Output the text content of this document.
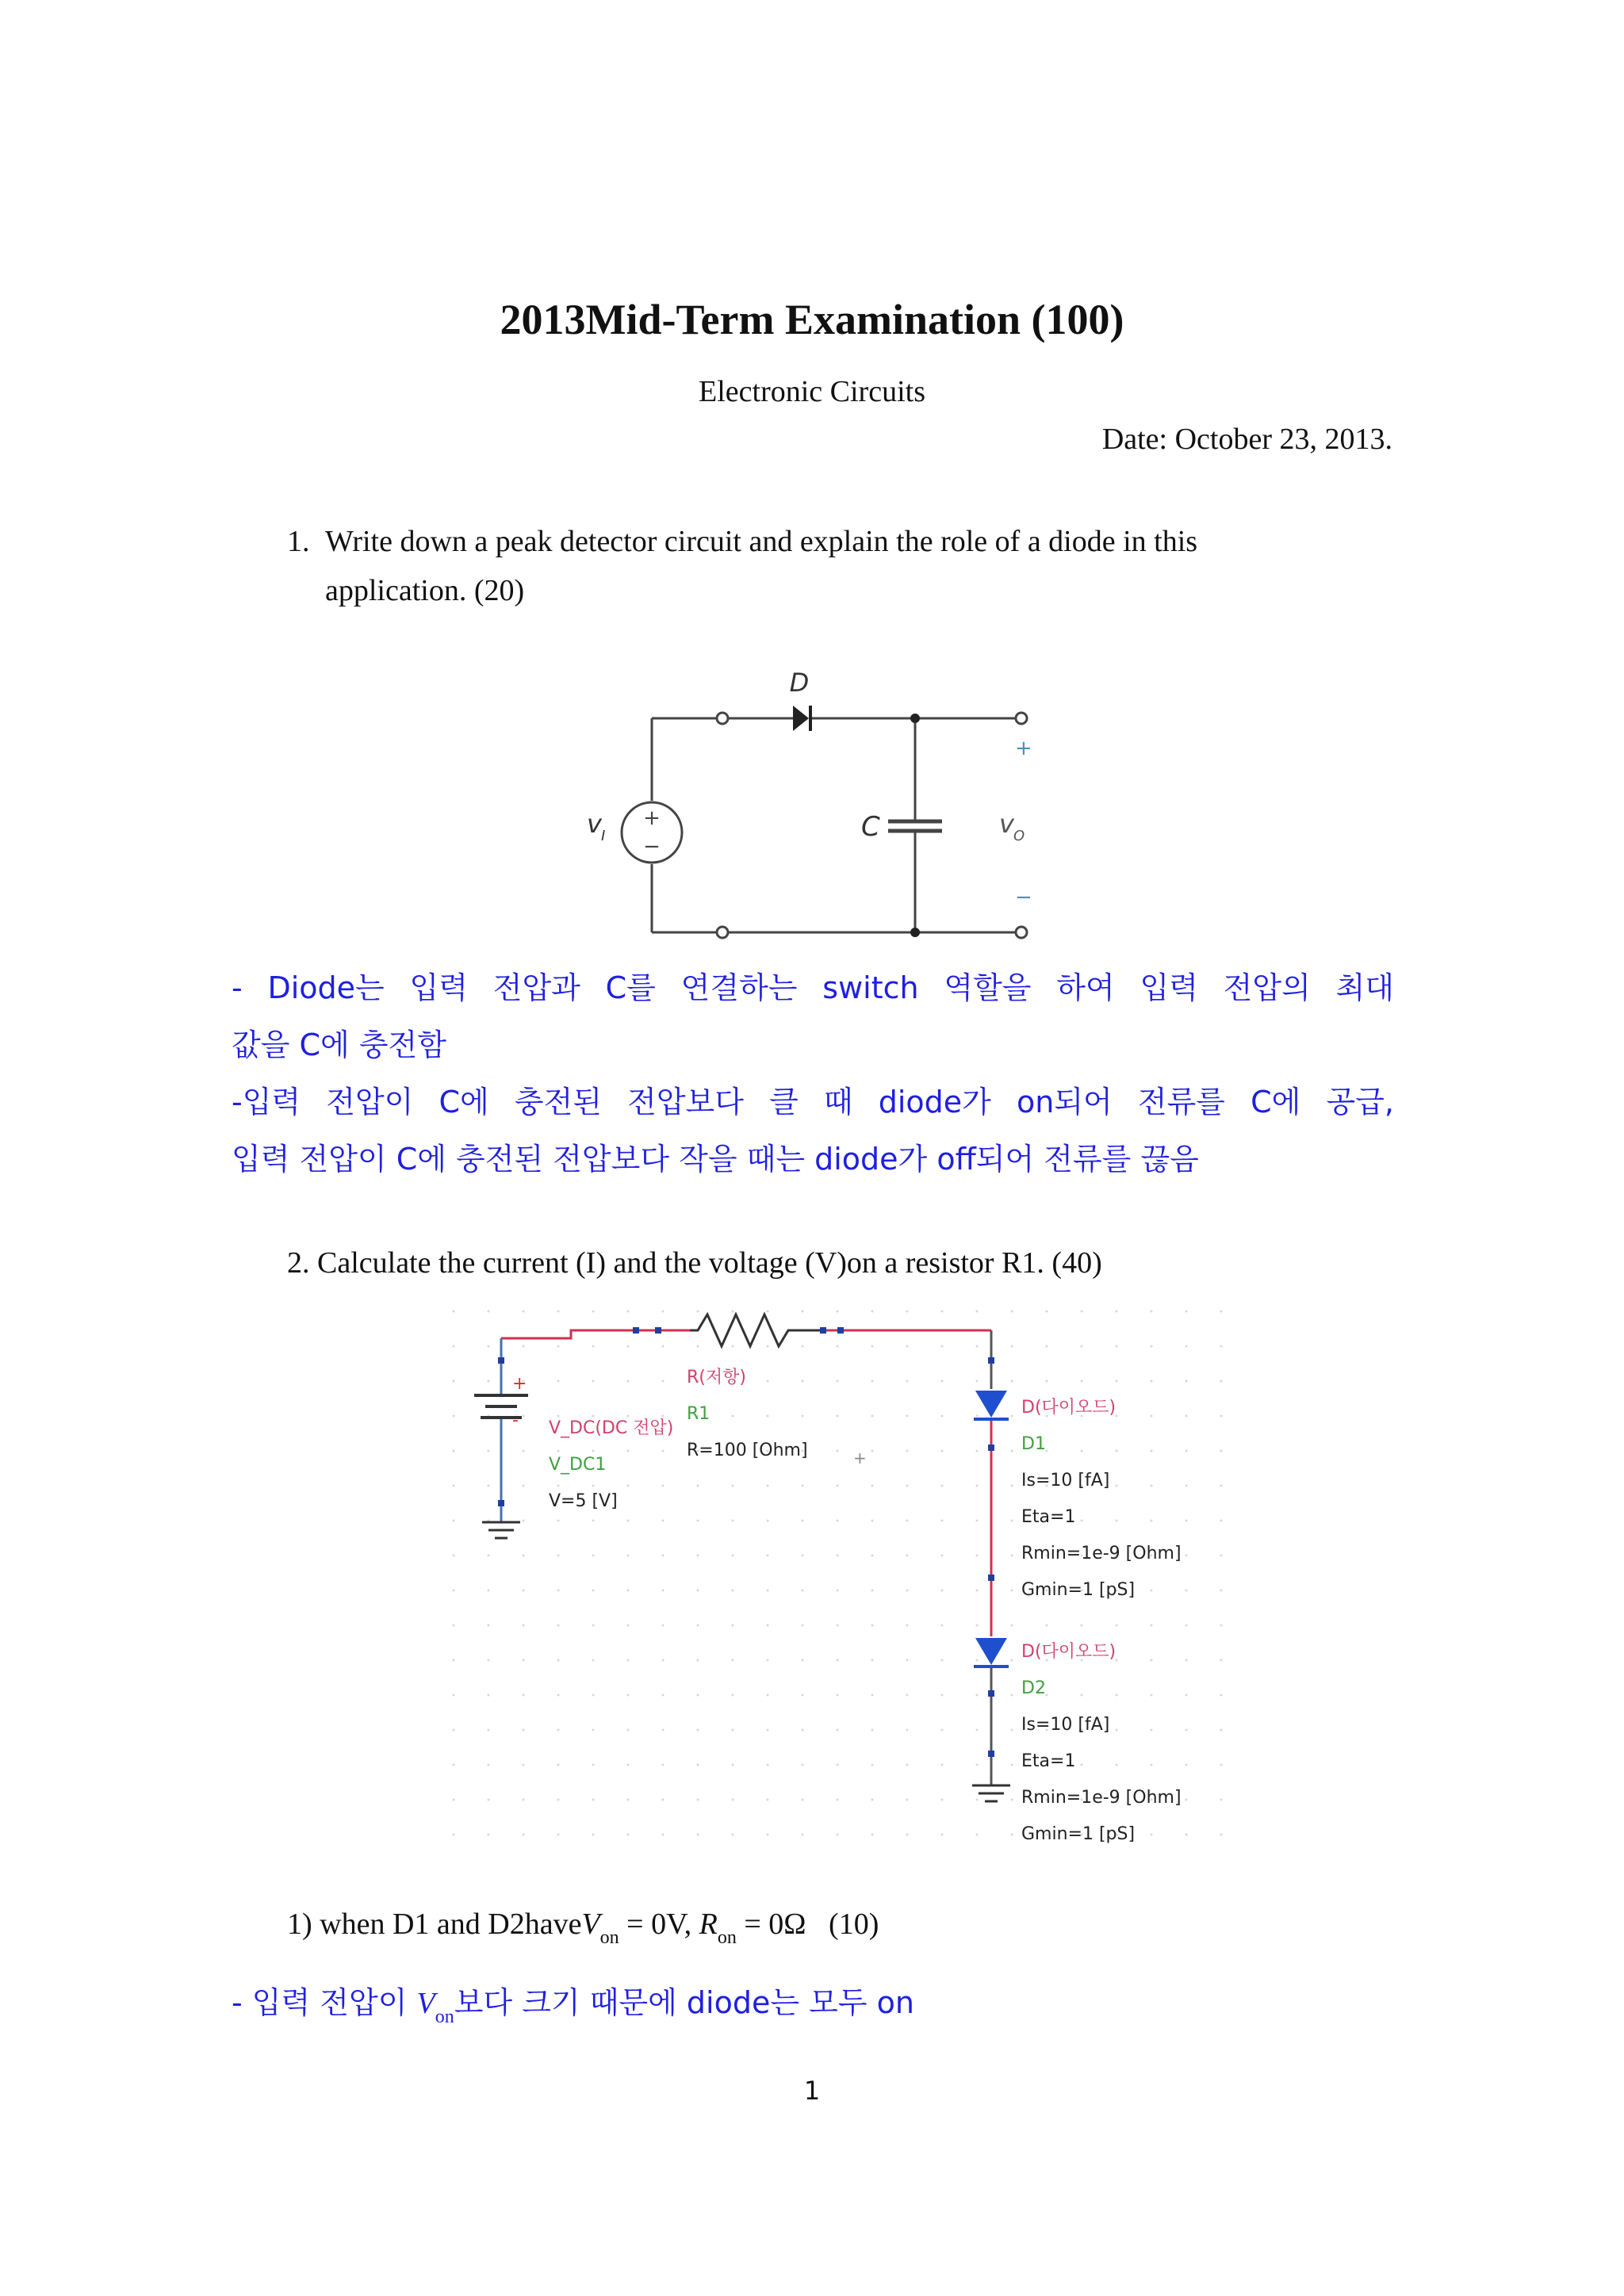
2013Mid-Term Examination (100)
Electronic Circuits
Date: October 23, 2013.
1. Write down a peak detector circuit and explain the role of a diode in this
application. (20)
+
−
D
C
v I	v O
+
−
- Diode는 입력 전압과 C를 연결하는 switch 역할을 하여 입력 전압의 최대
값을 C에 충전함
-입력 전압이 C에 충전된 전압보다 클 때 diode가 on되어 전류를 C에 공급,
입력 전압이 C에 충전된 전압보다 작을 때는 diode가 off되어 전류를 끊음
2. Calculate the current (I) and the voltage (V)on a resistor R1. (40)
+
-
+
R(저항)
R1
R=100 [Ohm]
V_DC(DC 전압)
V_DC1
V=5 [V]
D(다이오드)
D1
Is=10 [fA]
Eta=1
Rmin=1e-9 [Ohm]
Gmin=1 [pS]
D(다이오드)
D2
Is=10 [fA]
Eta=1
Rmin=1e-9 [Ohm]
Gmin=1 [pS]
1) when D1 and D2haveV$_{on}$ = 0V, $R_{on} = 0\Omega$   (10)
- 입력 전압이 $V_{on}$보다 크기 때문에 diode는 모두 on
1
